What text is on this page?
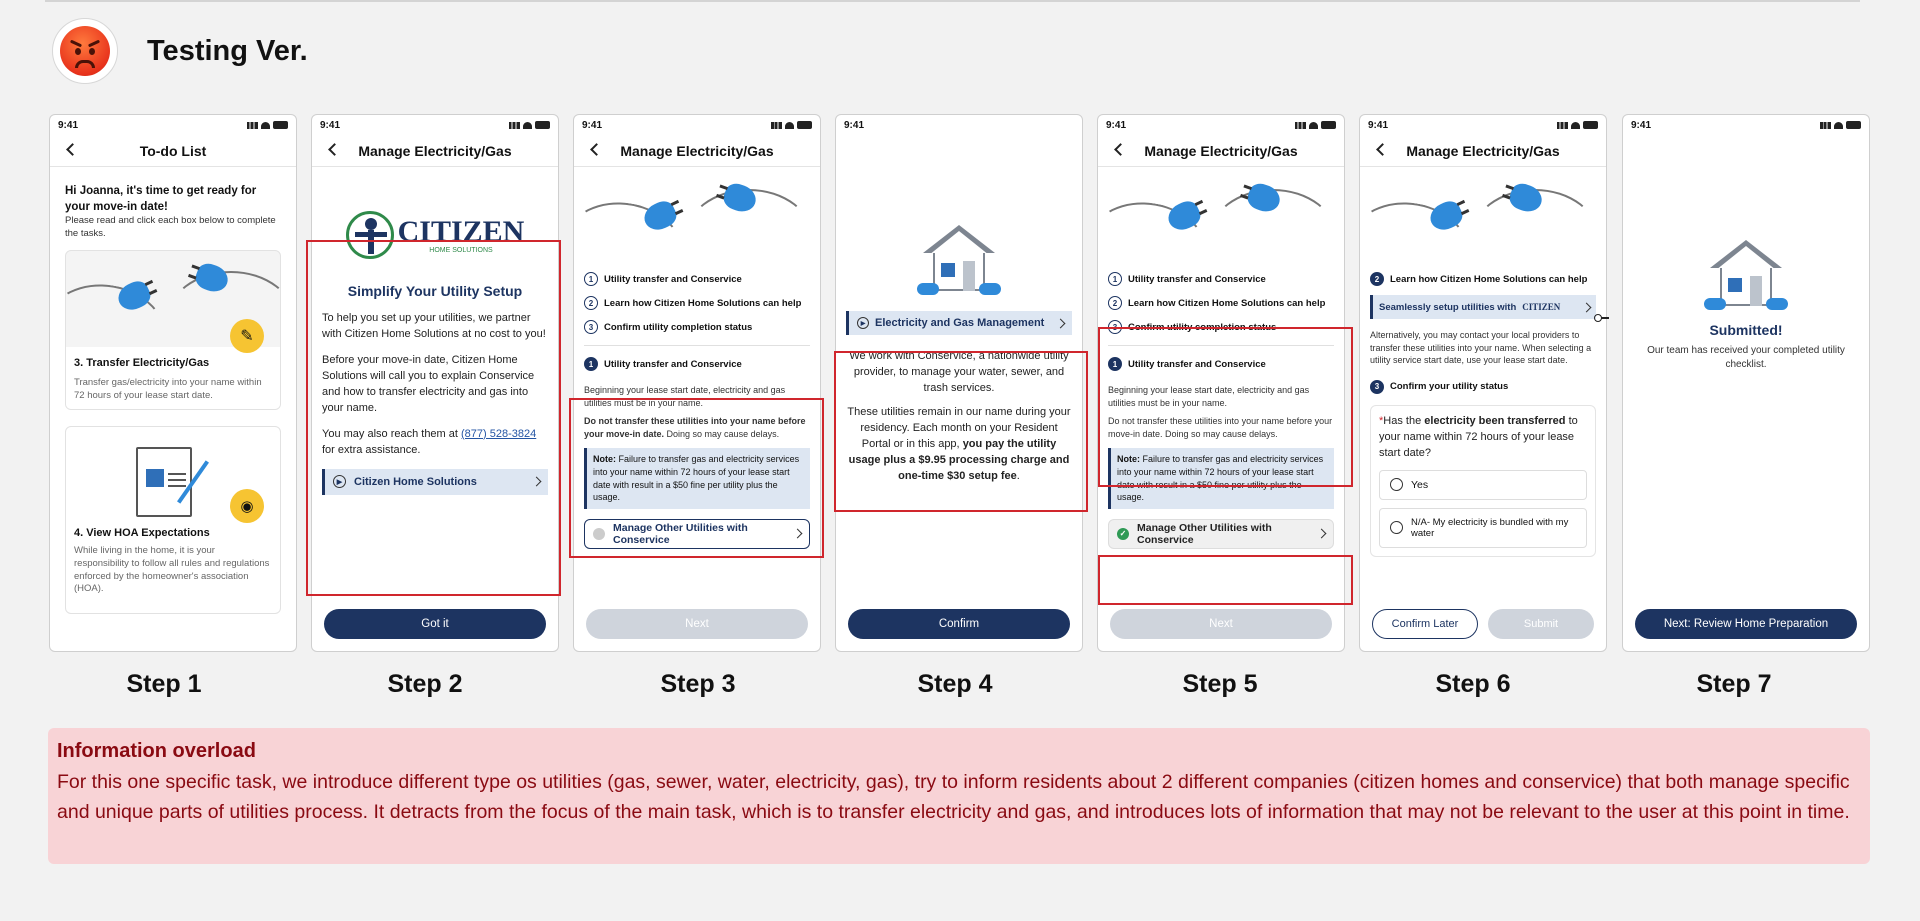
Testing Ver.
9:41
To-do List
Hi Joanna, it's time to get ready for your move-in date!
Please read and click each box below to complete the tasks.
✎
3. Transfer Electricity/Gas
Transfer gas/electricity into your name within 72 hours of your lease start date.
◉
4. View HOA Expectations
While living in the home, it is your responsibility to follow all rules and regulations enforced by the homeowner's association (HOA).
9:41
Manage Electricity/Gas
CITIZEN
HOME SOLUTIONS
Simplify Your Utility Setup
To help you set up your utilities, we partner with Citizen Home Solutions at no cost to you!
Before your move-in date, Citizen Home Solutions will call you to explain Conservice and how to transfer electricity and gas into your name.
You may also reach them at (877) 528-3824 for extra assistance.
▶	Citizen Home Solutions
Got it
9:41
Manage Electricity/Gas
1	Utility transfer and Conservice
2	Learn how Citizen Home Solutions can help
3	Confirm utility completion status
1	Utility transfer and Conservice
Beginning your lease start date, electricity and gas utilities must be in your name.
Do not transfer these utilities into your name before your move-in date. Doing so may cause delays.
Note: Failure to transfer gas and electricity services into your name within 72 hours of your lease start date with result in a $50 fine per utility plus the usage.
Manage Other Utilities with Conservice
Next
9:41
▶ Electricity and Gas Management
We work with Conservice, a nationwide utility provider, to manage your water, sewer, and trash services.
These utilities remain in our name during your residency. Each month on your Resident Portal or in this app, you pay the utility usage plus a $9.95 processing charge and one-time $30 setup fee.
Confirm
9:41
Manage Electricity/Gas
1	Utility transfer and Conservice
2	Learn how Citizen Home Solutions can help
3	Confirm utility completion status
1	Utility transfer and Conservice
Beginning your lease start date, electricity and gas utilities must be in your name.
Do not transfer these utilities into your name before your move-in date. Doing so may cause delays.
Note: Failure to transfer gas and electricity services into your name within 72 hours of your lease start date with result in a $50 fine per utility plus the usage.
✓ Manage Other Utilities with Conservice
Next
9:41
Manage Electricity/Gas
2	Learn how Citizen Home Solutions can help
Seamlessly setup utilities with CITIZEN
Alternatively, you may contact your local providers to transfer these utilities into your name. When selecting a utility service start date, use your lease start date.
3	Confirm your utility status
*Has the electricity been transferred to your name within 72 hours of your lease start date?
Yes
N/A- My electricity is bundled with my water
Confirm Later	Submit
9:41
Submitted!
Our team has received your completed utility checklist.
Next: Review Home Preparation
Step 1	Step 2	Step 3	Step 4	Step 5	Step 6	Step 7
Information overload
For this one specific task, we introduce different type os utilities (gas, sewer, water, electricity, gas), try to inform residents about 2 different companies (citizen homes and conservice) that both manage specific and unique parts of utilities process. It detracts from the focus of the main task, which is to transfer electricity and gas, and introduces lots of information that may not be relevant to the user at this point in time.
